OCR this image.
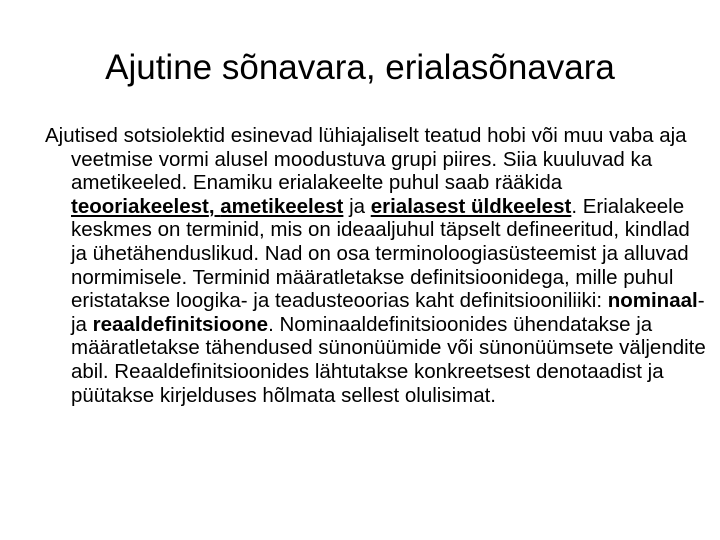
Ajutine sõnavara, erialasõnavara

Ajutised sotsiolektid esinevad lühiajaliselt teatud hobi või muu vaba aja veetmise vormi alusel moodustuva grupi piires. Siia kuuluvad ka ametikeeled. Enamiku erialakeelte puhul saab rääkida teooriakeelest, ametikeelest ja erialasest üldkeelest. Erialakeele keskmes on terminid, mis on ideaaljuhul täpselt defineeritud, kindlad ja ühetähenduslikud. Nad on osa terminoloogiasüsteemist ja alluvad normimisele. Terminid määratletakse definitsioonidega, mille puhul eristatakse loogika- ja teadusteoorias kaht definitsiooniliiki: nominaal- ja reaaldefinitsioone. Nominaaldefinitsioonides ühendatakse ja määratletakse tähendused sünonüümide või sünonüümsete väljendite abil. Reaaldefinitsioonides lähtutakse konkreetsest denotaadist ja püütakse kirjelduses hõlmata sellest olulisimat.
